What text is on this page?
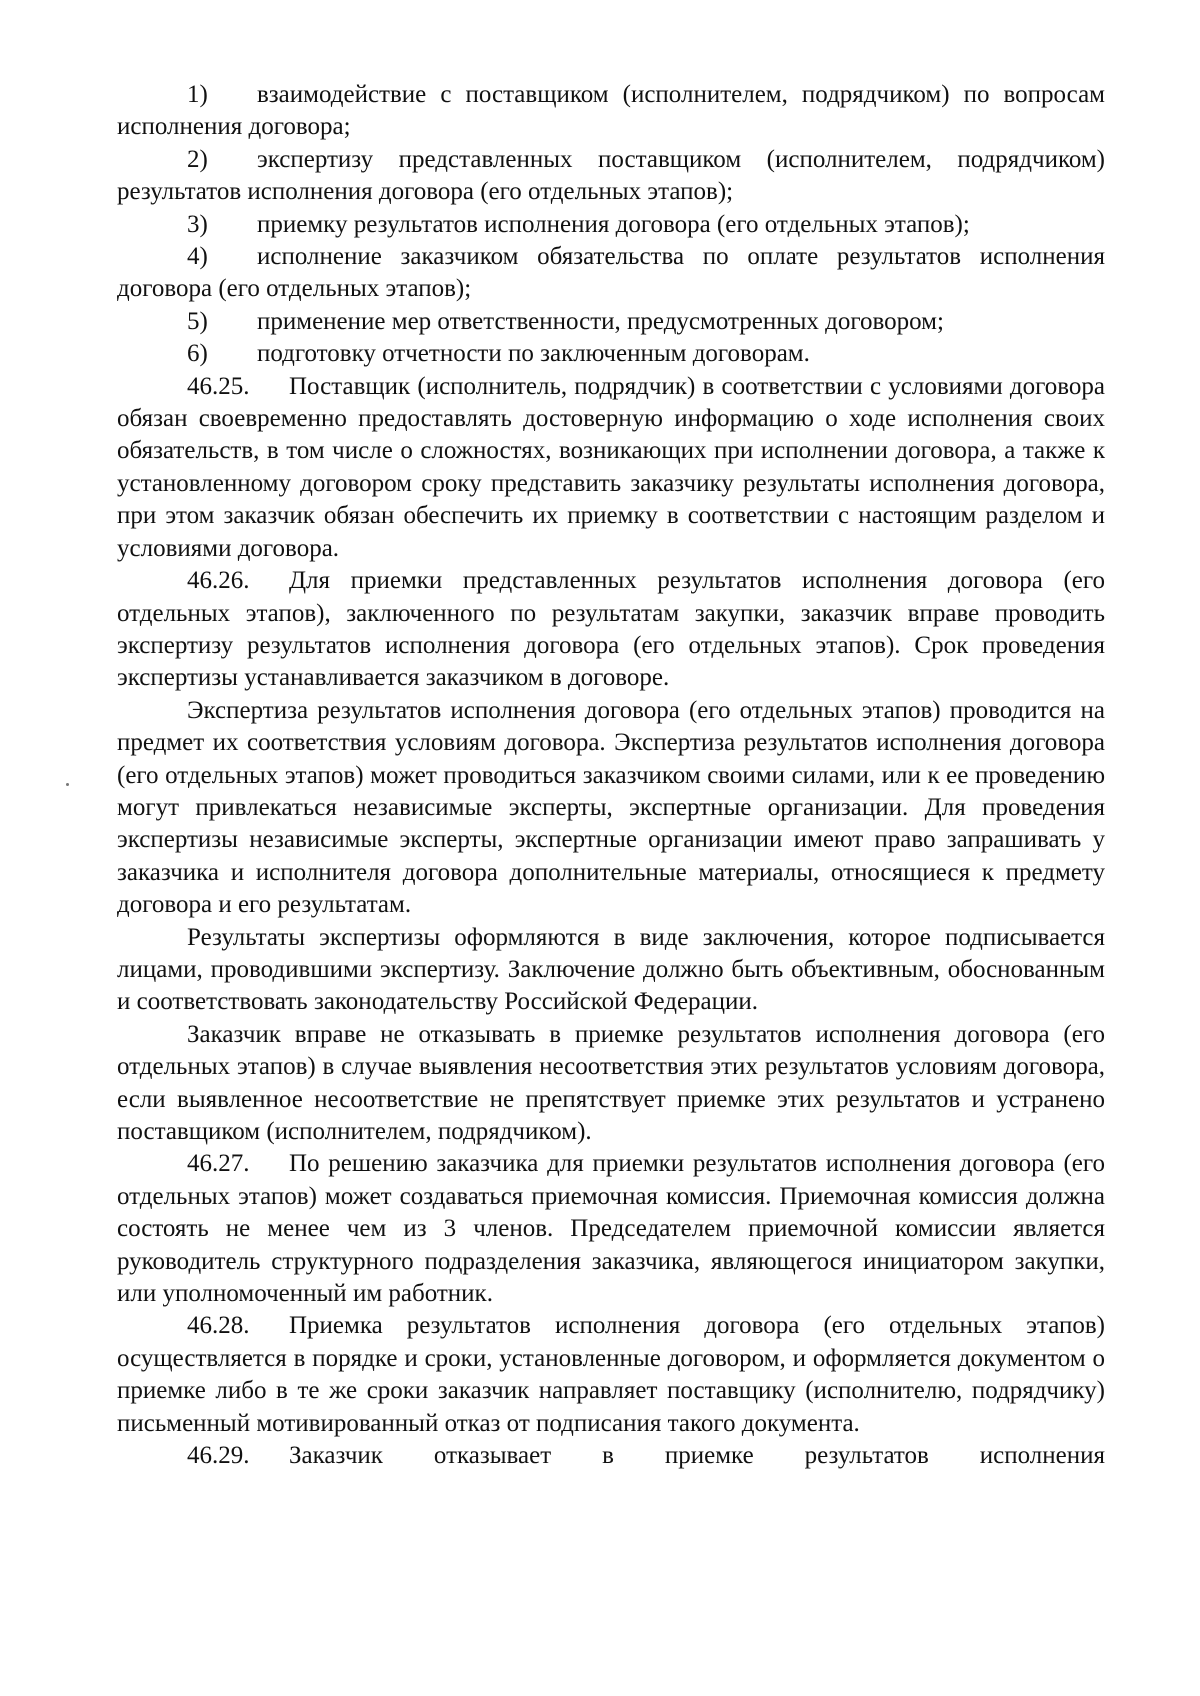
1) взаимодействие с поставщиком (исполнителем, подрядчиком) по вопросам исполнения договора;

2) экспертизу представленных поставщиком (исполнителем, подрядчиком) результатов исполнения договора (его отдельных этапов);

3) приемку результатов исполнения договора (его отдельных этапов);

4) исполнение заказчиком обязательства по оплате результатов исполнения договора (его отдельных этапов);

5) применение мер ответственности, предусмотренных договором;

6) подготовку отчетности по заключенным договорам.

46.25. Поставщик (исполнитель, подрядчик) в соответствии с условиями договора обязан своевременно предоставлять достоверную информацию о ходе исполнения своих обязательств, в том числе о сложностях, возникающих при исполнении договора, а также к установленному договором сроку представить заказчику результаты исполнения договора, при этом заказчик обязан обеспечить их приемку в соответствии с настоящим разделом и условиями договора.

46.26. Для приемки представленных результатов исполнения договора (его отдельных этапов), заключенного по результатам закупки, заказчик вправе проводить экспертизу результатов исполнения договора (его отдельных этапов). Срок проведения экспертизы устанавливается заказчиком в договоре.

Экспертиза результатов исполнения договора (его отдельных этапов) проводится на предмет их соответствия условиям договора. Экспертиза результатов исполнения договора (его отдельных этапов) может проводиться заказчиком своими силами, или к ее проведению могут привлекаться независимые эксперты, экспертные организации. Для проведения экспертизы независимые эксперты, экспертные организации имеют право запрашивать у заказчика и исполнителя договора дополнительные материалы, относящиеся к предмету договора и его результатам.

Результаты экспертизы оформляются в виде заключения, которое подписывается лицами, проводившими экспертизу. Заключение должно быть объективным, обоснованным и соответствовать законодательству Российской Федерации.

Заказчик вправе не отказывать в приемке результатов исполнения договора (его отдельных этапов) в случае выявления несоответствия этих результатов условиям договора, если выявленное несоответствие не препятствует приемке этих результатов и устранено поставщиком (исполнителем, подрядчиком).

46.27. По решению заказчика для приемки результатов исполнения договора (его отдельных этапов) может создаваться приемочная комиссия. Приемочная комиссия должна состоять не менее чем из 3 членов. Председателем приемочной комиссии является руководитель структурного подразделения заказчика, являющегося инициатором закупки, или уполномоченный им работник.

46.28. Приемка результатов исполнения договора (его отдельных этапов) осуществляется в порядке и сроки, установленные договором, и оформляется документом о приемке либо в те же сроки заказчик направляет поставщику (исполнителю, подрядчику) письменный мотивированный отказ от подписания такого документа.

46.29. Заказчик отказывает в приемке результатов исполнения
